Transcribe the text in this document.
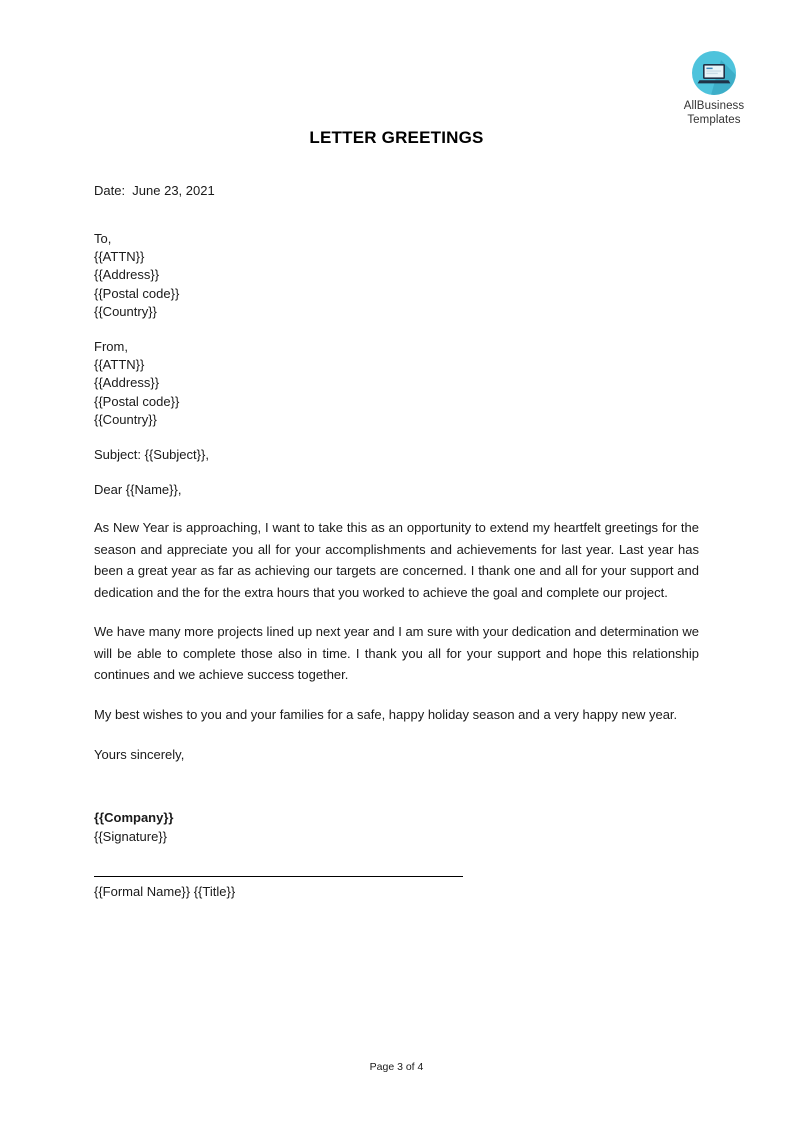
AllBusiness
Templates
LETTER GREETINGS
Date:  June 23, 2021
To,
{{ATTN}}
{{Address}}
{{Postal code}}
{{Country}}
From,
{{ATTN}}
{{Address}}
{{Postal code}}
{{Country}}
Subject: {{Subject}},
Dear {{Name}},

As New Year is approaching, I want to take this as an opportunity to extend my heartfelt greetings for the season and appreciate you all for your accomplishments and achievements for last year. Last year has been a great year as far as achieving our targets are concerned. I thank one and all for your support and dedication and the for the extra hours that you worked to achieve the goal and complete our project.

We have many more projects lined up next year and I am sure with your dedication and determination we will be able to complete those also in time. I thank you all for your support and hope this relationship continues and we achieve success together.

My best wishes to you and your families for a safe, happy holiday season and a very happy new year.

Yours sincerely,
{{Company}}
{{Signature}}
{{Formal Name}} {{Title}}
Page 3 of 4
